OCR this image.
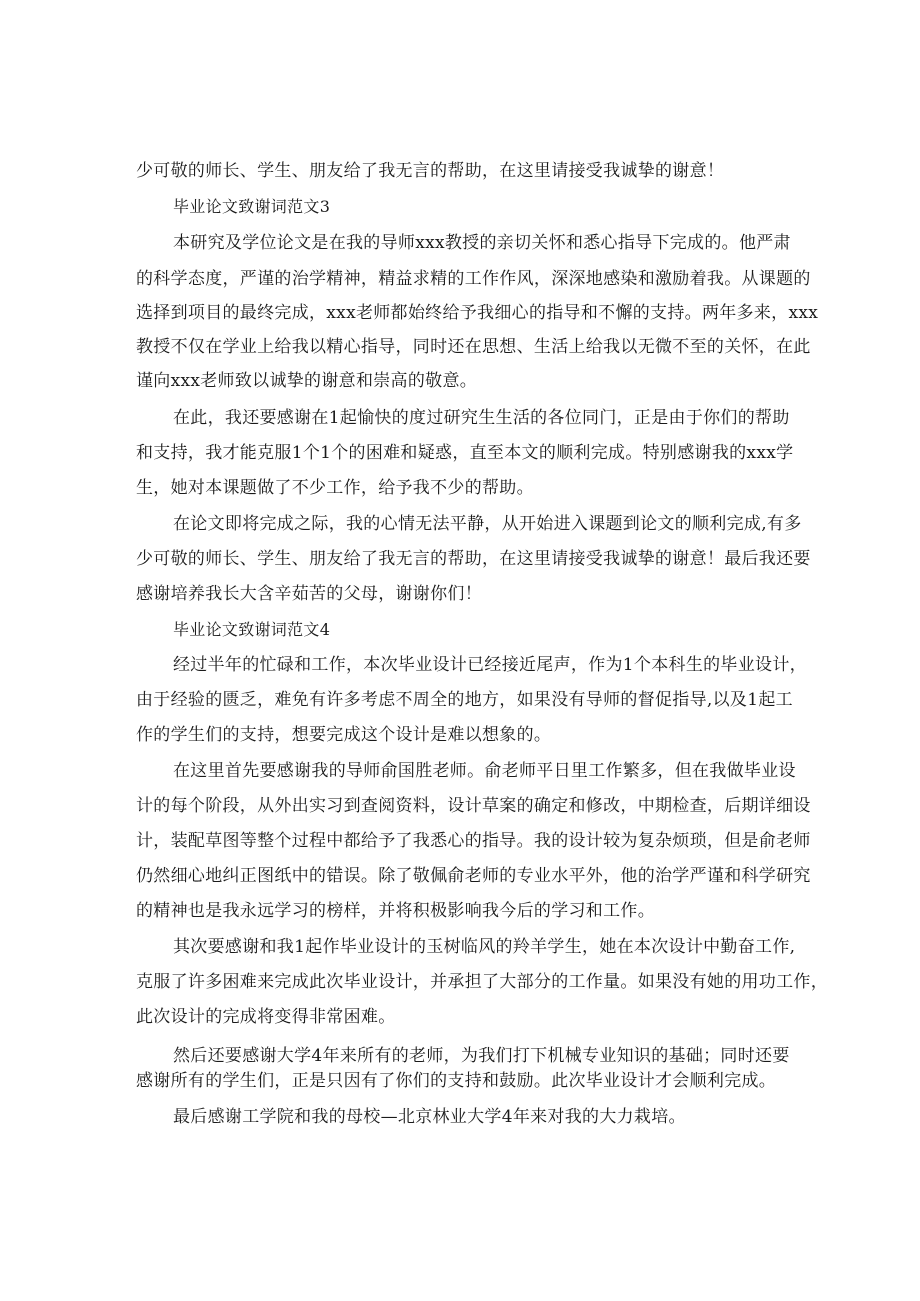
少可敬的师长、学生、朋友给了我无言的帮助，在这里请接受我诚挚的谢意！

毕业论文致谢词范文3

本研究及学位论文是在我的导师xxx教授的亲切关怀和悉心指导下完成的。他严肃

的科学态度，严谨的治学精神，精益求精的工作作风，深深地感染和激励着我。从课题的

选择到项目的最终完成，xxx老师都始终给予我细心的指导和不懈的支持。两年多来，xxx

教授不仅在学业上给我以精心指导，同时还在思想、生活上给我以无微不至的关怀，在此

谨向xxx老师致以诚挚的谢意和崇高的敬意。

在此，我还要感谢在1起愉快的度过研究生生活的各位同门，正是由于你们的帮助

和支持，我才能克服1个1个的困难和疑惑，直至本文的顺利完成。特别感谢我的xxx学

生，她对本课题做了不少工作，给予我不少的帮助。

在论文即将完成之际，我的心情无法平静，从开始进入课题到论文的顺利完成,有多

少可敬的师长、学生、朋友给了我无言的帮助，在这里请接受我诚挚的谢意！最后我还要

感谢培养我长大含辛茹苦的父母，谢谢你们！

毕业论文致谢词范文4

经过半年的忙碌和工作，本次毕业设计已经接近尾声，作为1个本科生的毕业设计，

由于经验的匮乏，难免有许多考虑不周全的地方，如果没有导师的督促指导,以及1起工

作的学生们的支持，想要完成这个设计是难以想象的。

在这里首先要感谢我的导师俞国胜老师。俞老师平日里工作繁多，但在我做毕业设

计的每个阶段，从外出实习到查阅资料，设计草案的确定和修改，中期检查，后期详细设

计，装配草图等整个过程中都给予了我悉心的指导。我的设计较为复杂烦琐，但是俞老师

仍然细心地纠正图纸中的错误。除了敬佩俞老师的专业水平外，他的治学严谨和科学研究

的精神也是我永远学习的榜样，并将积极影响我今后的学习和工作。

其次要感谢和我1起作毕业设计的玉树临风的羚羊学生，她在本次设计中勤奋工作,

克服了许多困难来完成此次毕业设计，并承担了大部分的工作量。如果没有她的用功工作，

此次设计的完成将变得非常困难。

然后还要感谢大学4年来所有的老师，为我们打下机械专业知识的基础；同时还要

感谢所有的学生们，正是只因有了你们的支持和鼓励。此次毕业设计才会顺利完成。

最后感谢工学院和我的母校—北京林业大学4年来对我的大力栽培。
